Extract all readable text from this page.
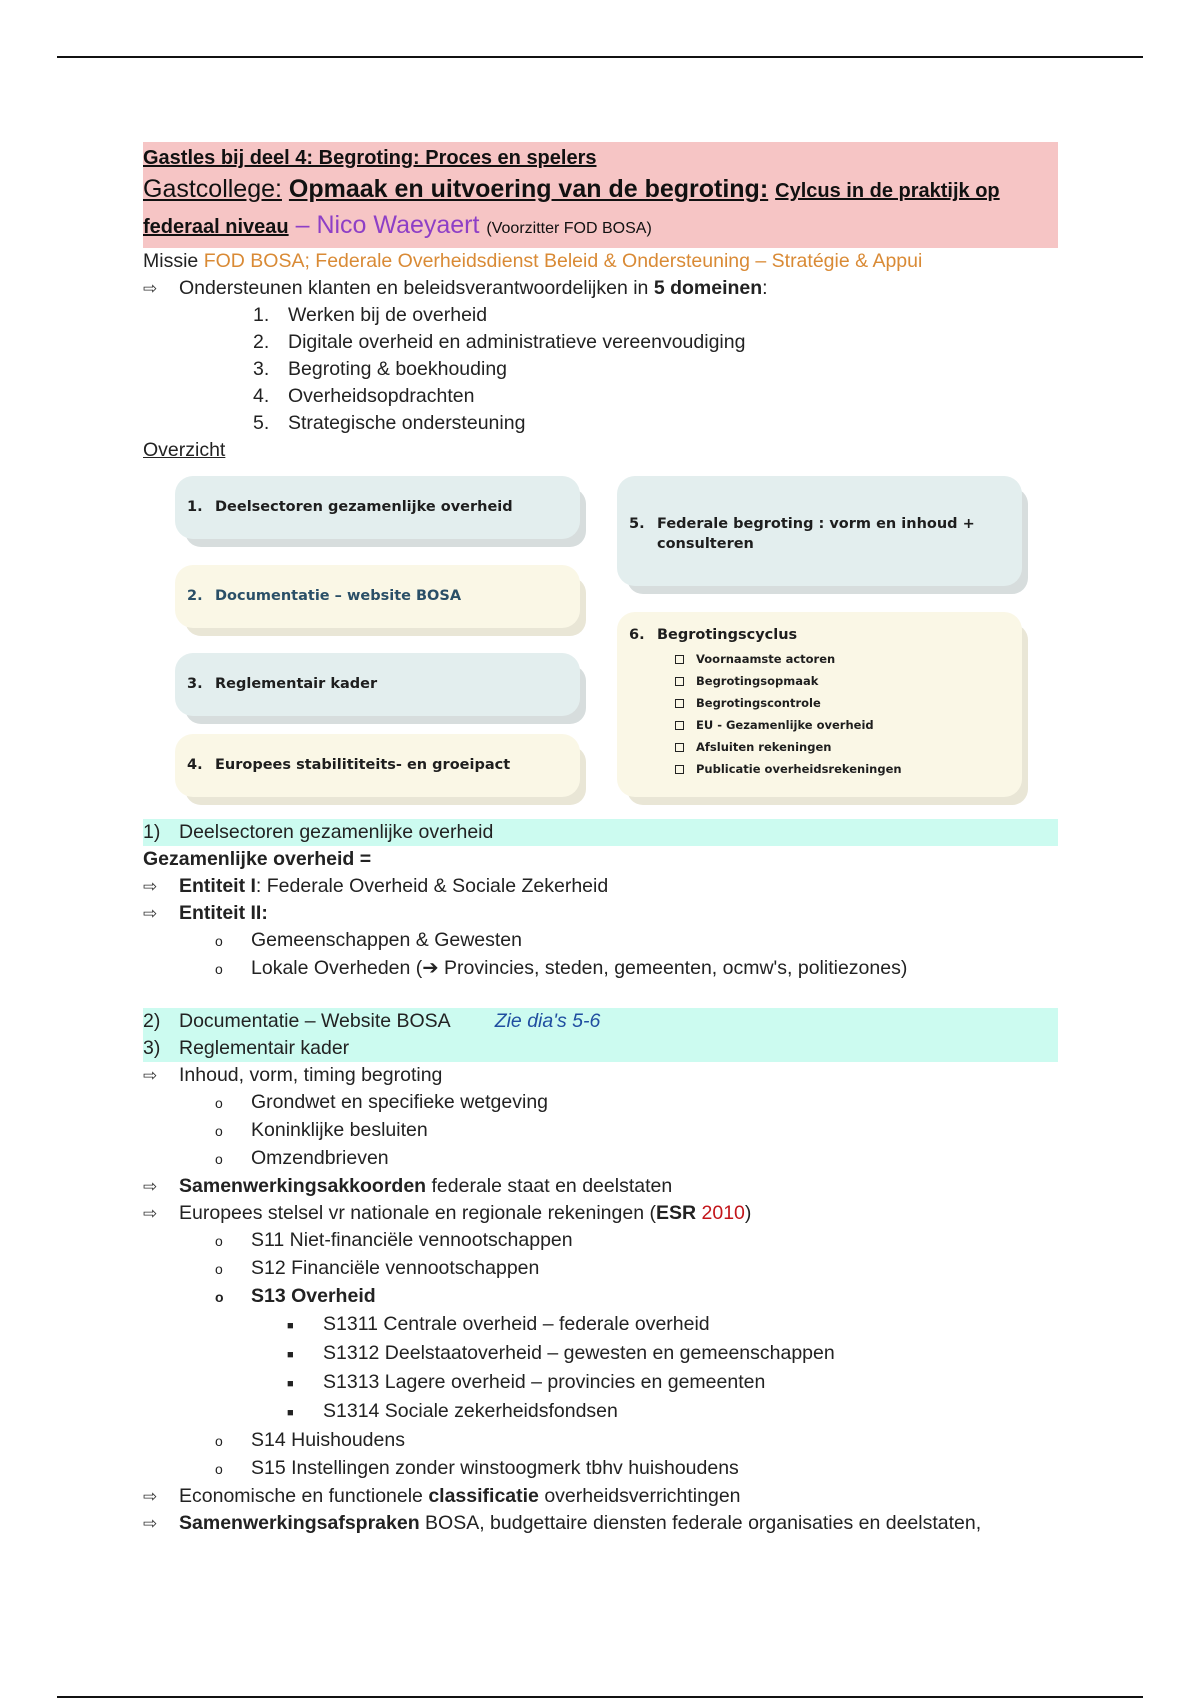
Gastles bij deel 4: Begroting: Proces en spelers
Gastcollege: Opmaak en uitvoering van de begroting: Cylcus in de praktijk op
federaal niveau – Nico Waeyaert (Voorzitter FOD BOSA)
Missie FOD BOSA; Federale Overheidsdienst Beleid & Ondersteuning – Stratégie & Appui
⇨	Ondersteunen klanten en beleidsverantwoordelijken in 5 domeinen:
1. Werken bij de overheid
2. Digitale overheid en administratieve vereenvoudiging
3. Begroting & boekhouding
4. Overheidsopdrachten
5. Strategische ondersteuning
Overzicht
1. Deelsectoren gezamenlijke overheid
2. Documentatie – website BOSA
3. Reglementair kader
4. Europees stabilititeits- en groeipact
5. Federale begroting : vorm en inhoud +
consulteren
6. Begrotingscyclus
Voornaamste actoren
Begrotingsopmaak
Begrotingscontrole
EU - Gezamenlijke overheid
Afsluiten rekeningen
Publicatie overheidsrekeningen
1) Deelsectoren gezamenlijke overheid
Gezamenlijke overheid =
⇨	Entiteit I: Federale Overheid & Sociale Zekerheid
⇨	Entiteit II:
o	Gemeenschappen & Gewesten
o	Lokale Overheden (➔ Provincies, steden, gemeenten, ocmw's, politiezones)
2) Documentatie – Website BOSA Zie dia's 5-6
3) Reglementair kader
⇨	Inhoud, vorm, timing begroting
o	Grondwet en specifieke wetgeving
o	Koninklijke besluiten
o	Omzendbrieven
⇨	Samenwerkingsakkoorden federale staat en deelstaten
⇨	Europees stelsel vr nationale en regionale rekeningen (ESR 2010)
o	S11 Niet-financiële vennootschappen
o	S12 Financiële vennootschappen
o	S13 Overheid
■	S1311 Centrale overheid – federale overheid
■	S1312 Deelstaatoverheid – gewesten en gemeenschappen
■	S1313 Lagere overheid – provincies en gemeenten
■	S1314 Sociale zekerheidsfondsen
o	S14 Huishoudens
o	S15 Instellingen zonder winstoogmerk tbhv huishoudens
⇨	Economische en functionele classificatie overheidsverrichtingen
⇨	Samenwerkingsafspraken BOSA, budgettaire diensten federale organisaties en deelstaten,
